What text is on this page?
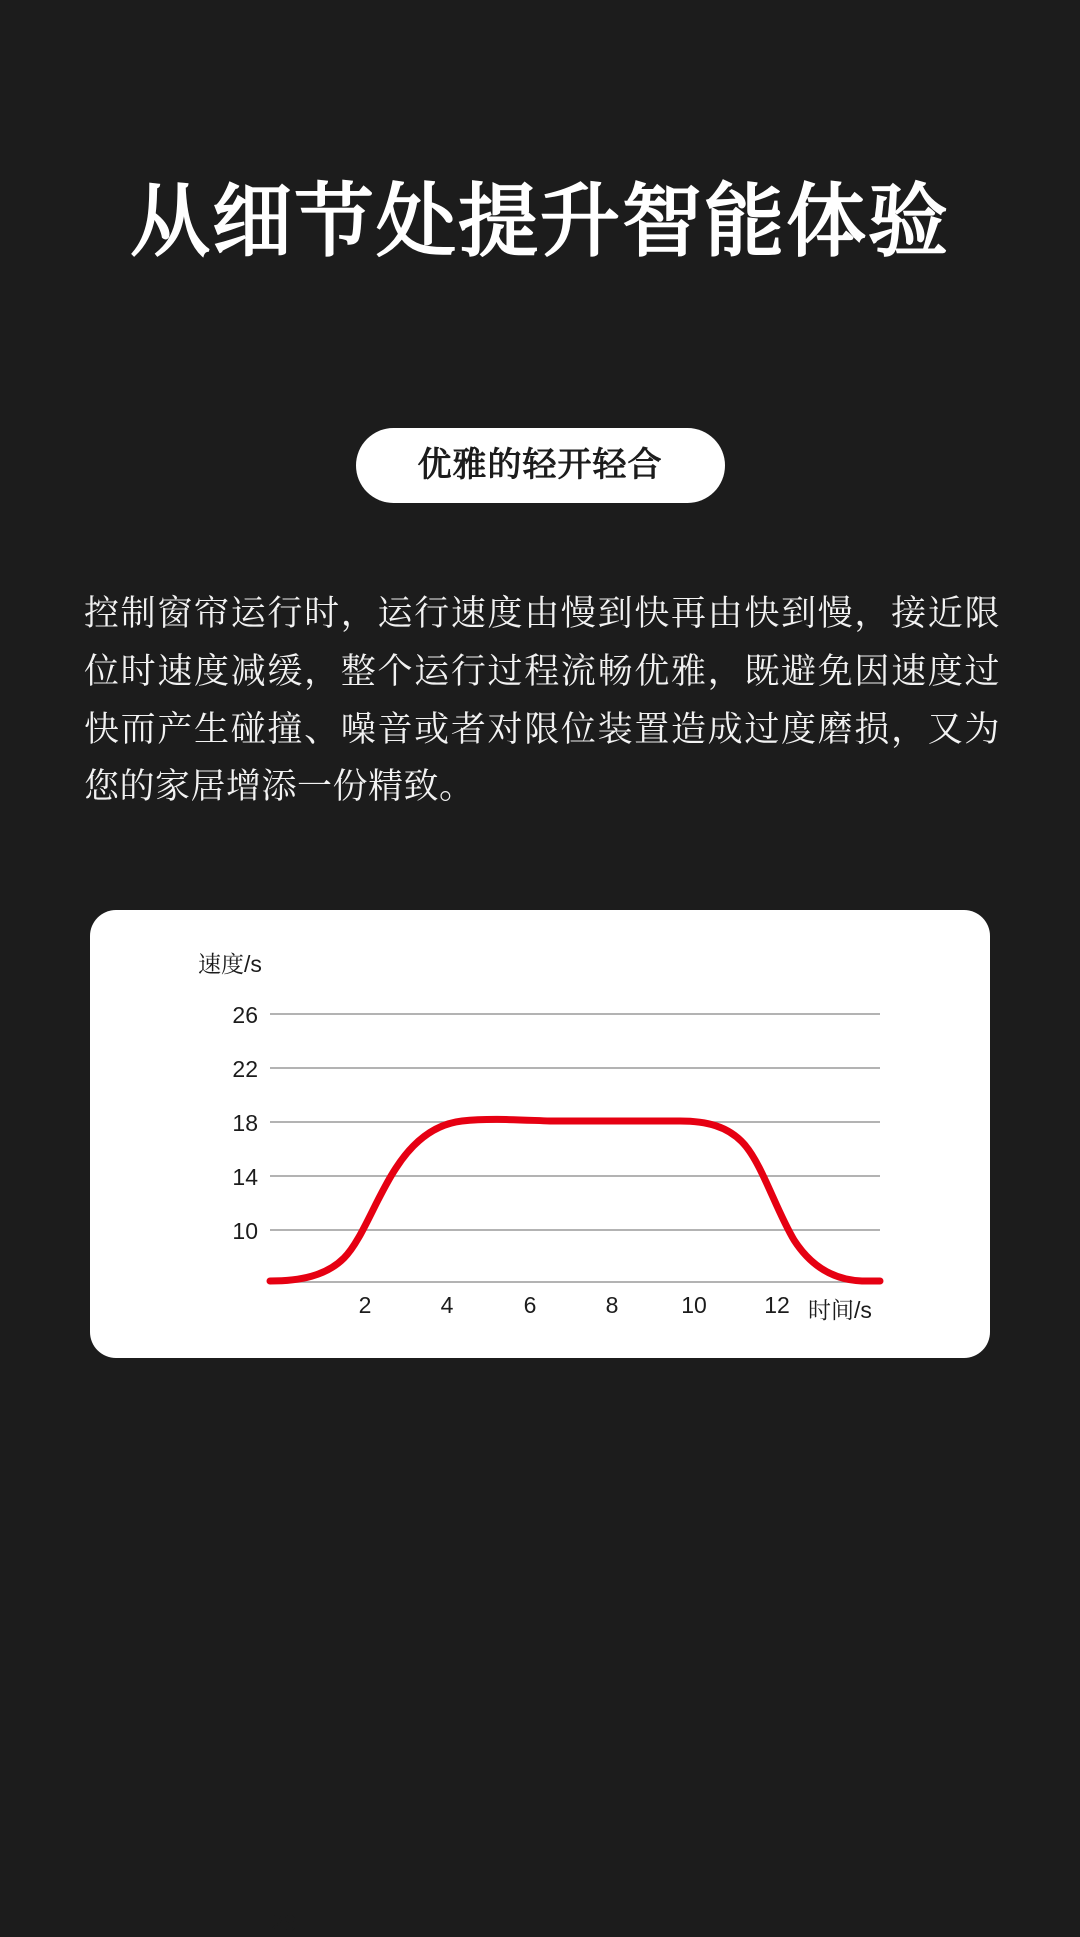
从细节处提升智能体验
优雅的轻开轻合
控制窗帘运行时，运行速度由慢到快再由快到慢，接近限位时速度减缓，整个运行过程流畅优雅，既避免因速度过快而产生碰撞、噪音或者对限位装置造成过度磨损，又为您的家居增添一份精致。
速度/s
时间/s
26
26
22
18
14
10
2	4	6	8	10	12
